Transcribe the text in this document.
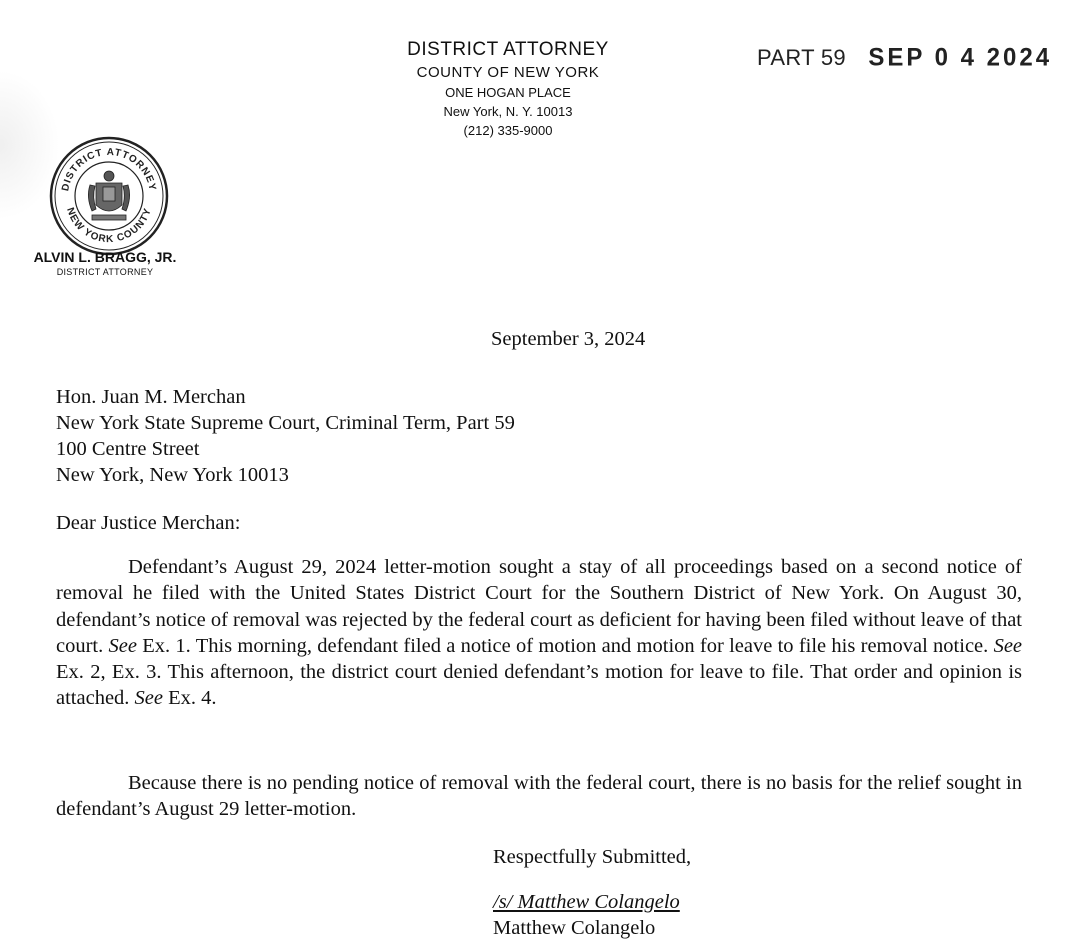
DISTRICT ATTORNEY
COUNTY OF NEW YORK
ONE HOGAN PLACE
New York, N. Y. 10013
(212) 335-9000
PART 59 SEP 0 4 2024
DISTRICT ATTORNEY
NEW YORK COUNTY
ALVIN L. BRAGG, JR.
DISTRICT ATTORNEY
September 3, 2024
Hon. Juan M. Merchan
New York State Supreme Court, Criminal Term, Part 59
100 Centre Street
New York, New York 10013
Dear Justice Merchan:
Defendant’s August 29, 2024 letter-motion sought a stay of all proceedings based on a second notice of removal he filed with the United States District Court for the Southern District of New York. On August 30, defendant’s notice of removal was rejected by the federal court as deficient for having been filed without leave of that court. See Ex. 1. This morning, defendant filed a notice of motion and motion for leave to file his removal notice. See Ex. 2, Ex. 3. This afternoon, the district court denied defendant’s motion for leave to file. That order and opinion is attached. See Ex. 4.
Because there is no pending notice of removal with the federal court, there is no basis for the relief sought in defendant’s August 29 letter-motion.
Respectfully Submitted,
/s/ Matthew Colangelo
Matthew Colangelo
